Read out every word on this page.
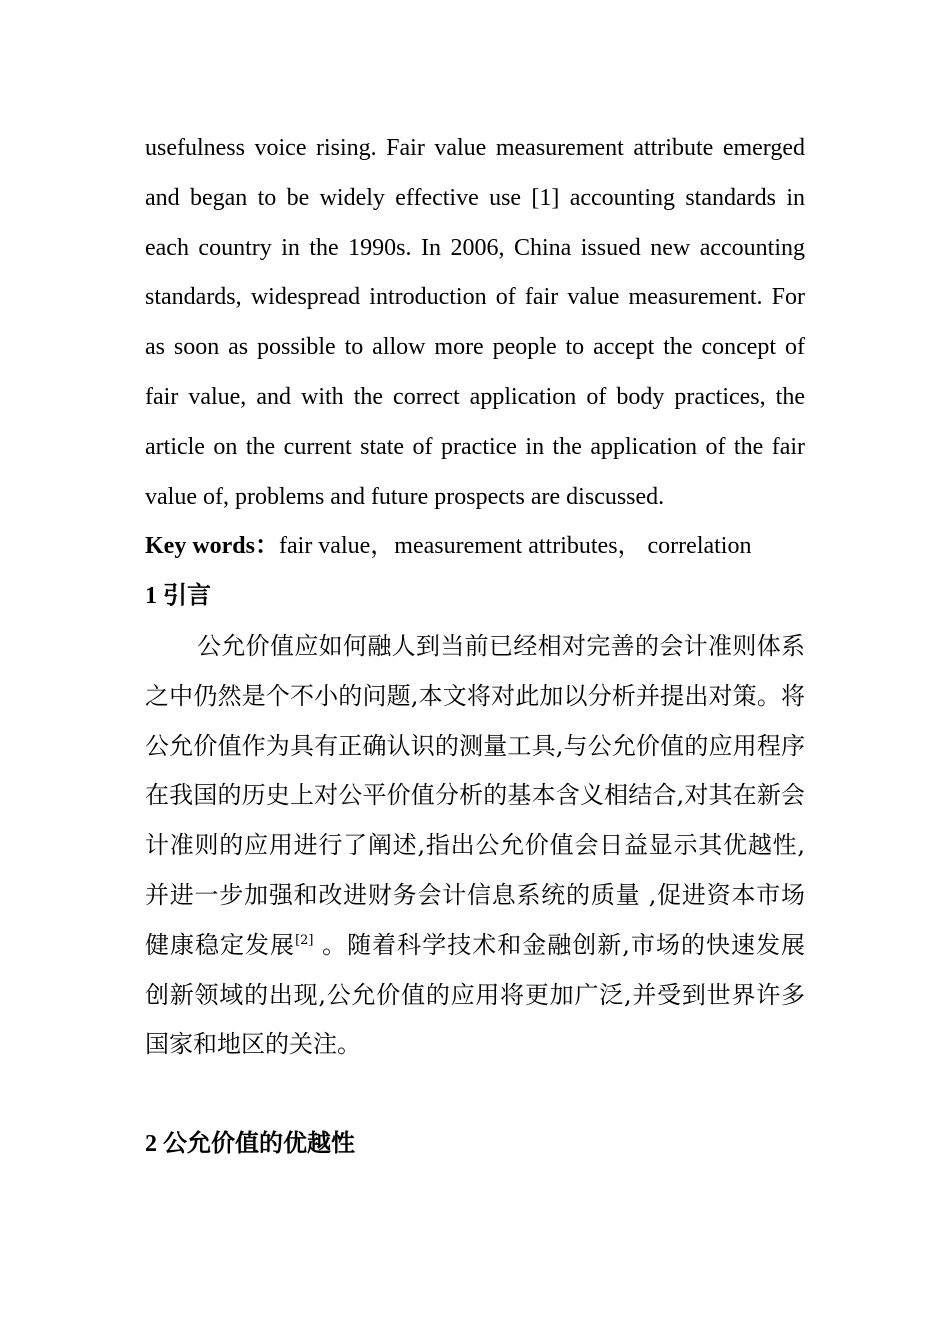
usefulness voice rising. Fair value measurement attribute emerged and began to be widely effective use [1] accounting standards in each country in the 1990s. In 2006, China issued new accounting standards, widespread introduction of fair value measurement. For as soon as possible to allow more people to accept the concept of fair value, and with the correct application of body practices, the article on the current state of practice in the application of the fair value of, problems and future prospects are discussed.

Key words：fair value，measurement attributes， correlation

1 引言

公允价值应如何融人到当前已经相对完善的会计准则体系之中仍然是个不小的问题,本文将对此加以分析并提出对策。将公允价值作为具有正确认识的测量工具,与公允价值的应用程序在我国的历史上对公平价值分析的基本含义相结合,对其在新会计准则的应用进行了阐述,指出公允价值会日益显示其优越性,并进一步加强和改进财务会计信息系统的质量 ,促进资本市场健康稳定发展[2] 。随着科学技术和金融创新,市场的快速发展 创新领域的出现,公允价值的应用将更加广泛,并受到世界许多国家和地区的关注。

2 公允价值的优越性
